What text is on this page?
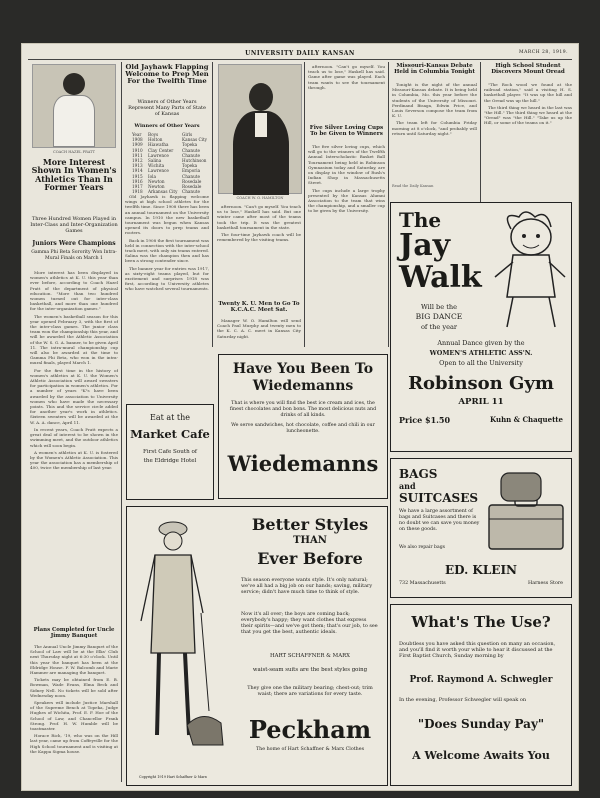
UNIVERSITY DAILY KANSAN	MARCH 28, 1919.
COACH HAZEL PRATT
More Interest Shown In Women's Athletics Than In Former Years
Three Hundred Women Played in Inter-Class and Inter-Organization Games
Juniors Were Champions
Gamma Phi Beta Sorority Won Intra-Mural Finals on March 1

More interest has been displayed in women's athletics at K. U. this year than ever before, according to Coach Hazel Pratt of the department of physical education. "More than two hundred women turned out for inter-class basketball, and more than one hundred for the inter-organization games."

The women's basketball season for this year opened February 3, with the first of the inter-class games. The junior class team won the championship this year, and will be awarded the Athletic Association of the W. S. G. A. banner, to be given April 11. The intra-mural championship cup will also be awarded at the time to Gamma Phi Beta, who won in the intra-mural finals, played March 1.

For the first time in the history of women's athletics at K. U. the Women's Athletic Association will award sweaters for participation in women's athletics. For a number of years "K"s have been awarded by the association to University women who have made the necessary points. This and the service circle added for another year's work in athletics. Sixteen sweaters will be awarded at the W. A. A. dance, April 11.

In recent years, Coach Pratt expects a great deal of interest to be shown in the swimming meet, and the outdoor athletics which will soon begin.

A women's athletics at K. U. is fostered by the Women's Athletic Association. This year the association has a membership of 400, twice the membership of last year.

Plans Completed for Uncle Jimmy Banquet

The Annual Uncle Jimmy Banquet of the School of Law will be at the Elks' Club next Thursday night at 6:30 o'clock. Until this year the banquet has been at the Eldridge House. F. W. Balcomb and Marie Hammer are managing the banquet.

Tickets may be obtained from E. B. Bowman, Wade Evans, Elma Beck and Sidney Nell. No tickets will be sold after Wednesday noon.

Speakers will include Justice Marshall of the Supreme Bench at Topeka, Judge Hughes of Wichita, Prof. E. F. Hoe of the School of Law, and Chancellor Frank Strong. Prof. H. W. Humble will be toastmaster.

Horace Rich, '19, who was on the Hill last year, came up from Coffeyville for the High School tournament and is visiting at the Kappa Sigma house.

Old Jayhawk Flapping Welcome to Prep Men For the Twelfth Time
Winners of Other Years Represent Many Parts of State of Kansas
Winners of Other Years
Year	Boys	Girls
1908	Holton	Kansas City
1909	Hiawatha	Topeka
1910	Clay Center	Chanute
1911	Lawrence	Chanute
1912	Salina	Hutchinson
1913	Wichita	Topeka
1914	Lawrence	Emporia
1915	Iola	Chanute
1916	Newton	Rosedale
1917	Newton	Rosedale
1918	Arkansas City	Chanute

Old Jayhawk is flapping welcome wings at high school athletes for the twelfth time. Since 1908 there has been an annual tournament on the University campus. In 1910 the new basketball tournament was begun when Kansas opened its doors to prep teams and rooters.

Back in 1908 the first tournament was held in connection with the inter-school track meet, with only six teams entered. Salina was the champion then and has been a strong contender since.

The banner year for entries was 1917, as sixty-eight teams played, but for excitement and surprises 1918 was first, according to University athletes who have watched several tournaments.

COACH W. O. HAMILTON

afternoon. "Can't go myself. You teach us to lose," Haskell has said. But one winter came after most of the teams took the trip. It was the greatest basketball tournament in the state.

The four-time Jayhawk coach will be remembered by the visiting teams.

Twenty K. U. Men to Go To K.C.A.C. Meet Sat.

Manager W. O. Hamilton will send Coach Paul Murphy and twenty men to the K. C. A. C. meet in Kansas City Saturday night.

afternoon. "Can't go myself. You teach us to lose," Haskell has said. Game after game was played. Each team wants to see the tournament through.

Five Silver Loving Cups To be Given to Winners

The five silver loving cups, which will go to the winners of the Twelfth Annual Interscholastic Basket Ball Tournament being held in Robinson Gymnasium today and Saturday, are on display in the window of Rush's Indian Shop in Massachusetts Street.

The cups include a large trophy presented by the Kansas Alumni Association to the team that wins the championship, and a smaller cup to be given by the University.

Missouri-Kansas Debate Held in Columbia Tonight

Tonight is the night of the annual Missouri-Kansas debate. It is being held in Columbia, Mo. this year before the students of the University of Missouri. Ferdinand Bisaga, Edwin Price, and Louis Severson compose the team from K. U.

The team left for Columbia Friday morning at 8 o'clock, "and probably will return until Saturday night."

Read the Daily Kansan
High School Student Discovers Mount Oread

"The Rock wood we found at the railroad station," said a visiting H. S. basketball player. "It was up the hill and the Oread was up the hill."

The third thing we heard in the last was "the Hill." The third thing we heard at the "Oread" was "the Hill." "Take us up the Hill, or some of the teams on it."

The
Jay
Walk
Will be the
BIG DANCE
of the year
Annual Dance given by the
WOMEN'S ATHLETIC ASS'N.
Open to all the University
Robinson Gym
APRIL 11
Price $1.50	Kuhn & Chaquette
Have You Been To Wiedemanns
That is where you will find the best ice cream and ices, the finest chocolates and bon bons. The most delicious nuts and drinks of all kinds.
We serve sandwiches, hot chocolate, coffee and chili in our luncheonette.
Wiedemanns
Eat at the
Market Cafe
First Cafe South of
the Eldridge Hotel
BAGS
and
SUITCASES
We have a large assortment of bags and Suitcases and there is no doubt we can save you money on these goods.
We also repair bags
ED. KLEIN
732 Massachusetts	Harness Store
Better Styles
THAN
Ever Before
This season everyone wants style. It's only natural; we've all had a big job on our hands; saving, military service; didn't have much time to think of style.
Now it's all over; the boys are coming back; everybody's happy; they want clothes that express their spirits—and we've got them; that's our job, to see that you get the best, authentic ideals.
HART SCHAFFNER & MARX
waist-seam suits are the best styles going
They give one the military bearing; chest-out; trim waist; there are variations for every taste.
Peckham
The home of Hart Schaffner & Marx Clothes
Copyright 1919 Hart Schaffner & Marx
What's The Use?
Doubtless you have asked this question on many an occasion, and you'll find it worth your while to hear it discussed at the First Baptist Church, Sunday morning by
Prof. Raymond A. Schwegler
In the evening, Professor Schwegler will speak on
"Does Sunday Pay"
A Welcome Awaits You
